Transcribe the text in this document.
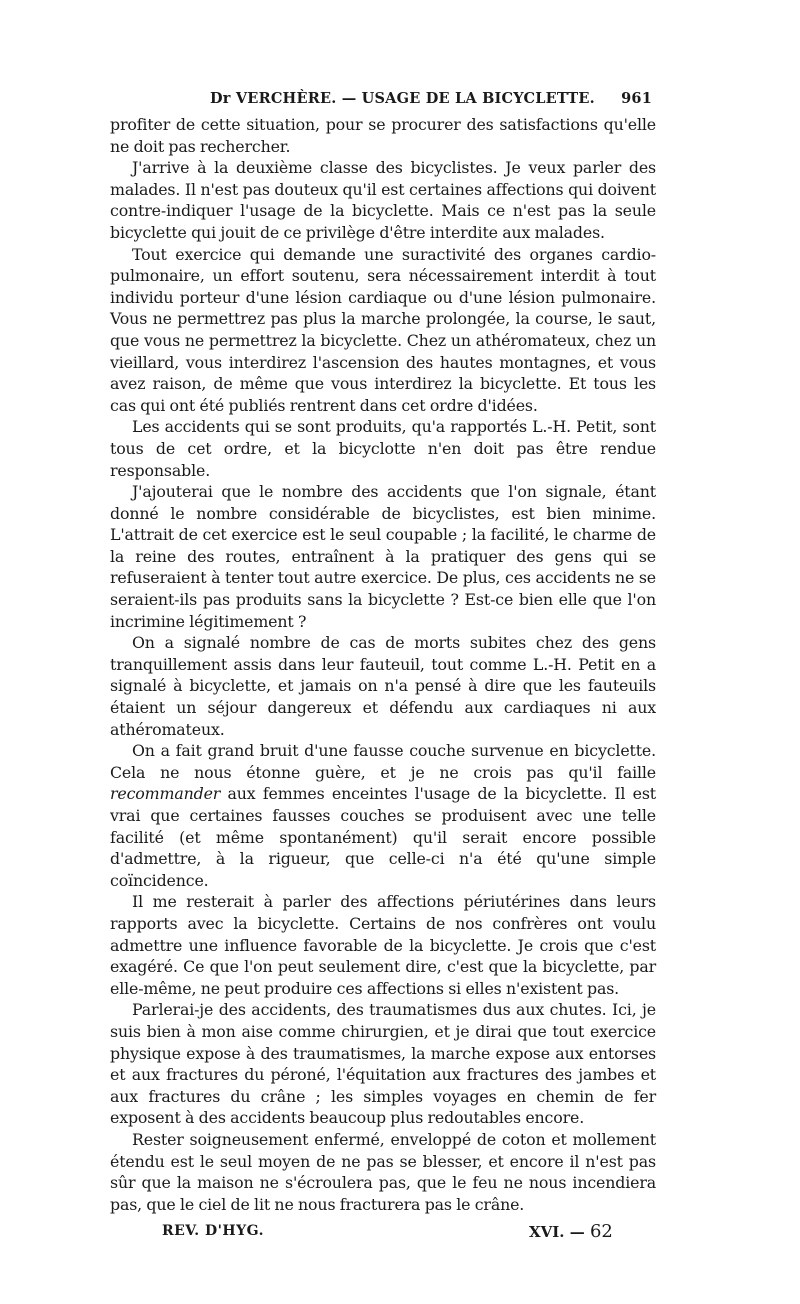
Dr VERCHÈRE. — USAGE DE LA BICYCLETTE. 961

profiter de cette situation, pour se procurer des satisfactions qu'elle ne doit pas rechercher.

J'arrive à la deuxième classe des bicyclistes. Je veux parler des malades. Il n'est pas douteux qu'il est certaines affections qui doivent contre-indiquer l'usage de la bicyclette. Mais ce n'est pas la seule bicyclette qui jouit de ce privilège d'être interdite aux malades.

Tout exercice qui demande une suractivité des organes cardio-pulmonaire, un effort soutenu, sera nécessairement interdit à tout individu porteur d'une lésion cardiaque ou d'une lésion pulmonaire. Vous ne permettrez pas plus la marche prolongée, la course, le saut, que vous ne permettrez la bicyclette. Chez un athéromateux, chez un vieillard, vous interdirez l'ascension des hautes montagnes, et vous avez raison, de même que vous interdirez la bicyclette. Et tous les cas qui ont été publiés rentrent dans cet ordre d'idées.

Les accidents qui se sont produits, qu'a rapportés L.-H. Petit, sont tous de cet ordre, et la bicyclotte n'en doit pas être rendue responsable.

J'ajouterai que le nombre des accidents que l'on signale, étant donné le nombre considérable de bicyclistes, est bien minime. L'attrait de cet exercice est le seul coupable ; la facilité, le charme de la reine des routes, entraînent à la pratiquer des gens qui se refuseraient à tenter tout autre exercice. De plus, ces accidents ne se seraient-ils pas produits sans la bicyclette ? Est-ce bien elle que l'on incrimine légitimement ?

On a signalé nombre de cas de morts subites chez des gens tranquillement assis dans leur fauteuil, tout comme L.-H. Petit en a signalé à bicyclette, et jamais on n'a pensé à dire que les fauteuils étaient un séjour dangereux et défendu aux cardiaques ni aux athéromateux.

On a fait grand bruit d'une fausse couche survenue en bicyclette. Cela ne nous étonne guère, et je ne crois pas qu'il faille recommander aux femmes enceintes l'usage de la bicyclette. Il est vrai que certaines fausses couches se produisent avec une telle facilité (et même spontanément) qu'il serait encore possible d'admettre, à la rigueur, que celle-ci n'a été qu'une simple coïncidence.

Il me resterait à parler des affections périutérines dans leurs rapports avec la bicyclette. Certains de nos confrères ont voulu admettre une influence favorable de la bicyclette. Je crois que c'est exagéré. Ce que l'on peut seulement dire, c'est que la bicyclette, par elle-même, ne peut produire ces affections si elles n'existent pas.

Parlerai-je des accidents, des traumatismes dus aux chutes. Ici, je suis bien à mon aise comme chirurgien, et je dirai que tout exercice physique expose à des traumatismes, la marche expose aux entorses et aux fractures du péroné, l'équitation aux fractures des jambes et aux fractures du crâne ; les simples voyages en chemin de fer exposent à des accidents beaucoup plus redoutables encore.

Rester soigneusement enfermé, enveloppé de coton et mollement étendu est le seul moyen de ne pas se blesser, et encore il n'est pas sûr que la maison ne s'écroulera pas, que le feu ne nous incendiera pas, que le ciel de lit ne nous fracturera pas le crâne.

REV. D'HYG.	XVI. — 62
